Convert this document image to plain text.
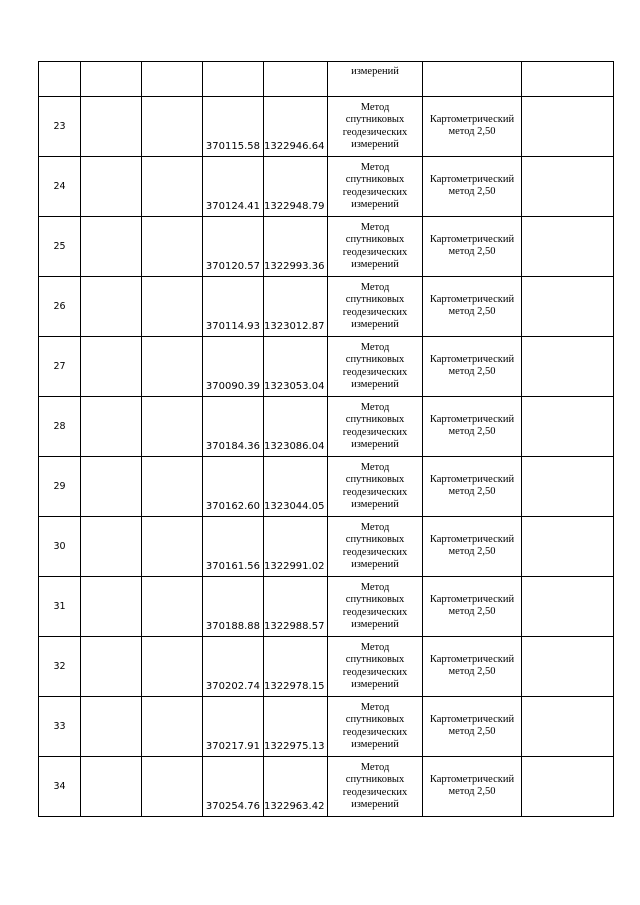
					измерений		
23			370115.58	1322946.64	Метод
спутниковых
геодезических
измерений	Картометрический
метод 2,50	

24			370124.41	1322948.79	Метод
спутниковых
геодезических
измерений	Картометрический
метод 2,50	

25			370120.57	1322993.36	Метод
спутниковых
геодезических
измерений	Картометрический
метод 2,50	

26			370114.93	1323012.87	Метод
спутниковых
геодезических
измерений	Картометрический
метод 2,50	

27			370090.39	1323053.04	Метод
спутниковых
геодезических
измерений	Картометрический
метод 2,50	

28			370184.36	1323086.04	Метод
спутниковых
геодезических
измерений	Картометрический
метод 2,50	

29			370162.60	1323044.05	Метод
спутниковых
геодезических
измерений	Картометрический
метод 2,50	

30			370161.56	1322991.02	Метод
спутниковых
геодезических
измерений	Картометрический
метод 2,50	

31			370188.88	1322988.57	Метод
спутниковых
геодезических
измерений	Картометрический
метод 2,50	

32			370202.74	1322978.15	Метод
спутниковых
геодезических
измерений	Картометрический
метод 2,50	

33			370217.91	1322975.13	Метод
спутниковых
геодезических
измерений	Картометрический
метод 2,50	

34			370254.76	1322963.42	Метод
спутниковых
геодезических
измерений	Картометрический
метод 2,50	
